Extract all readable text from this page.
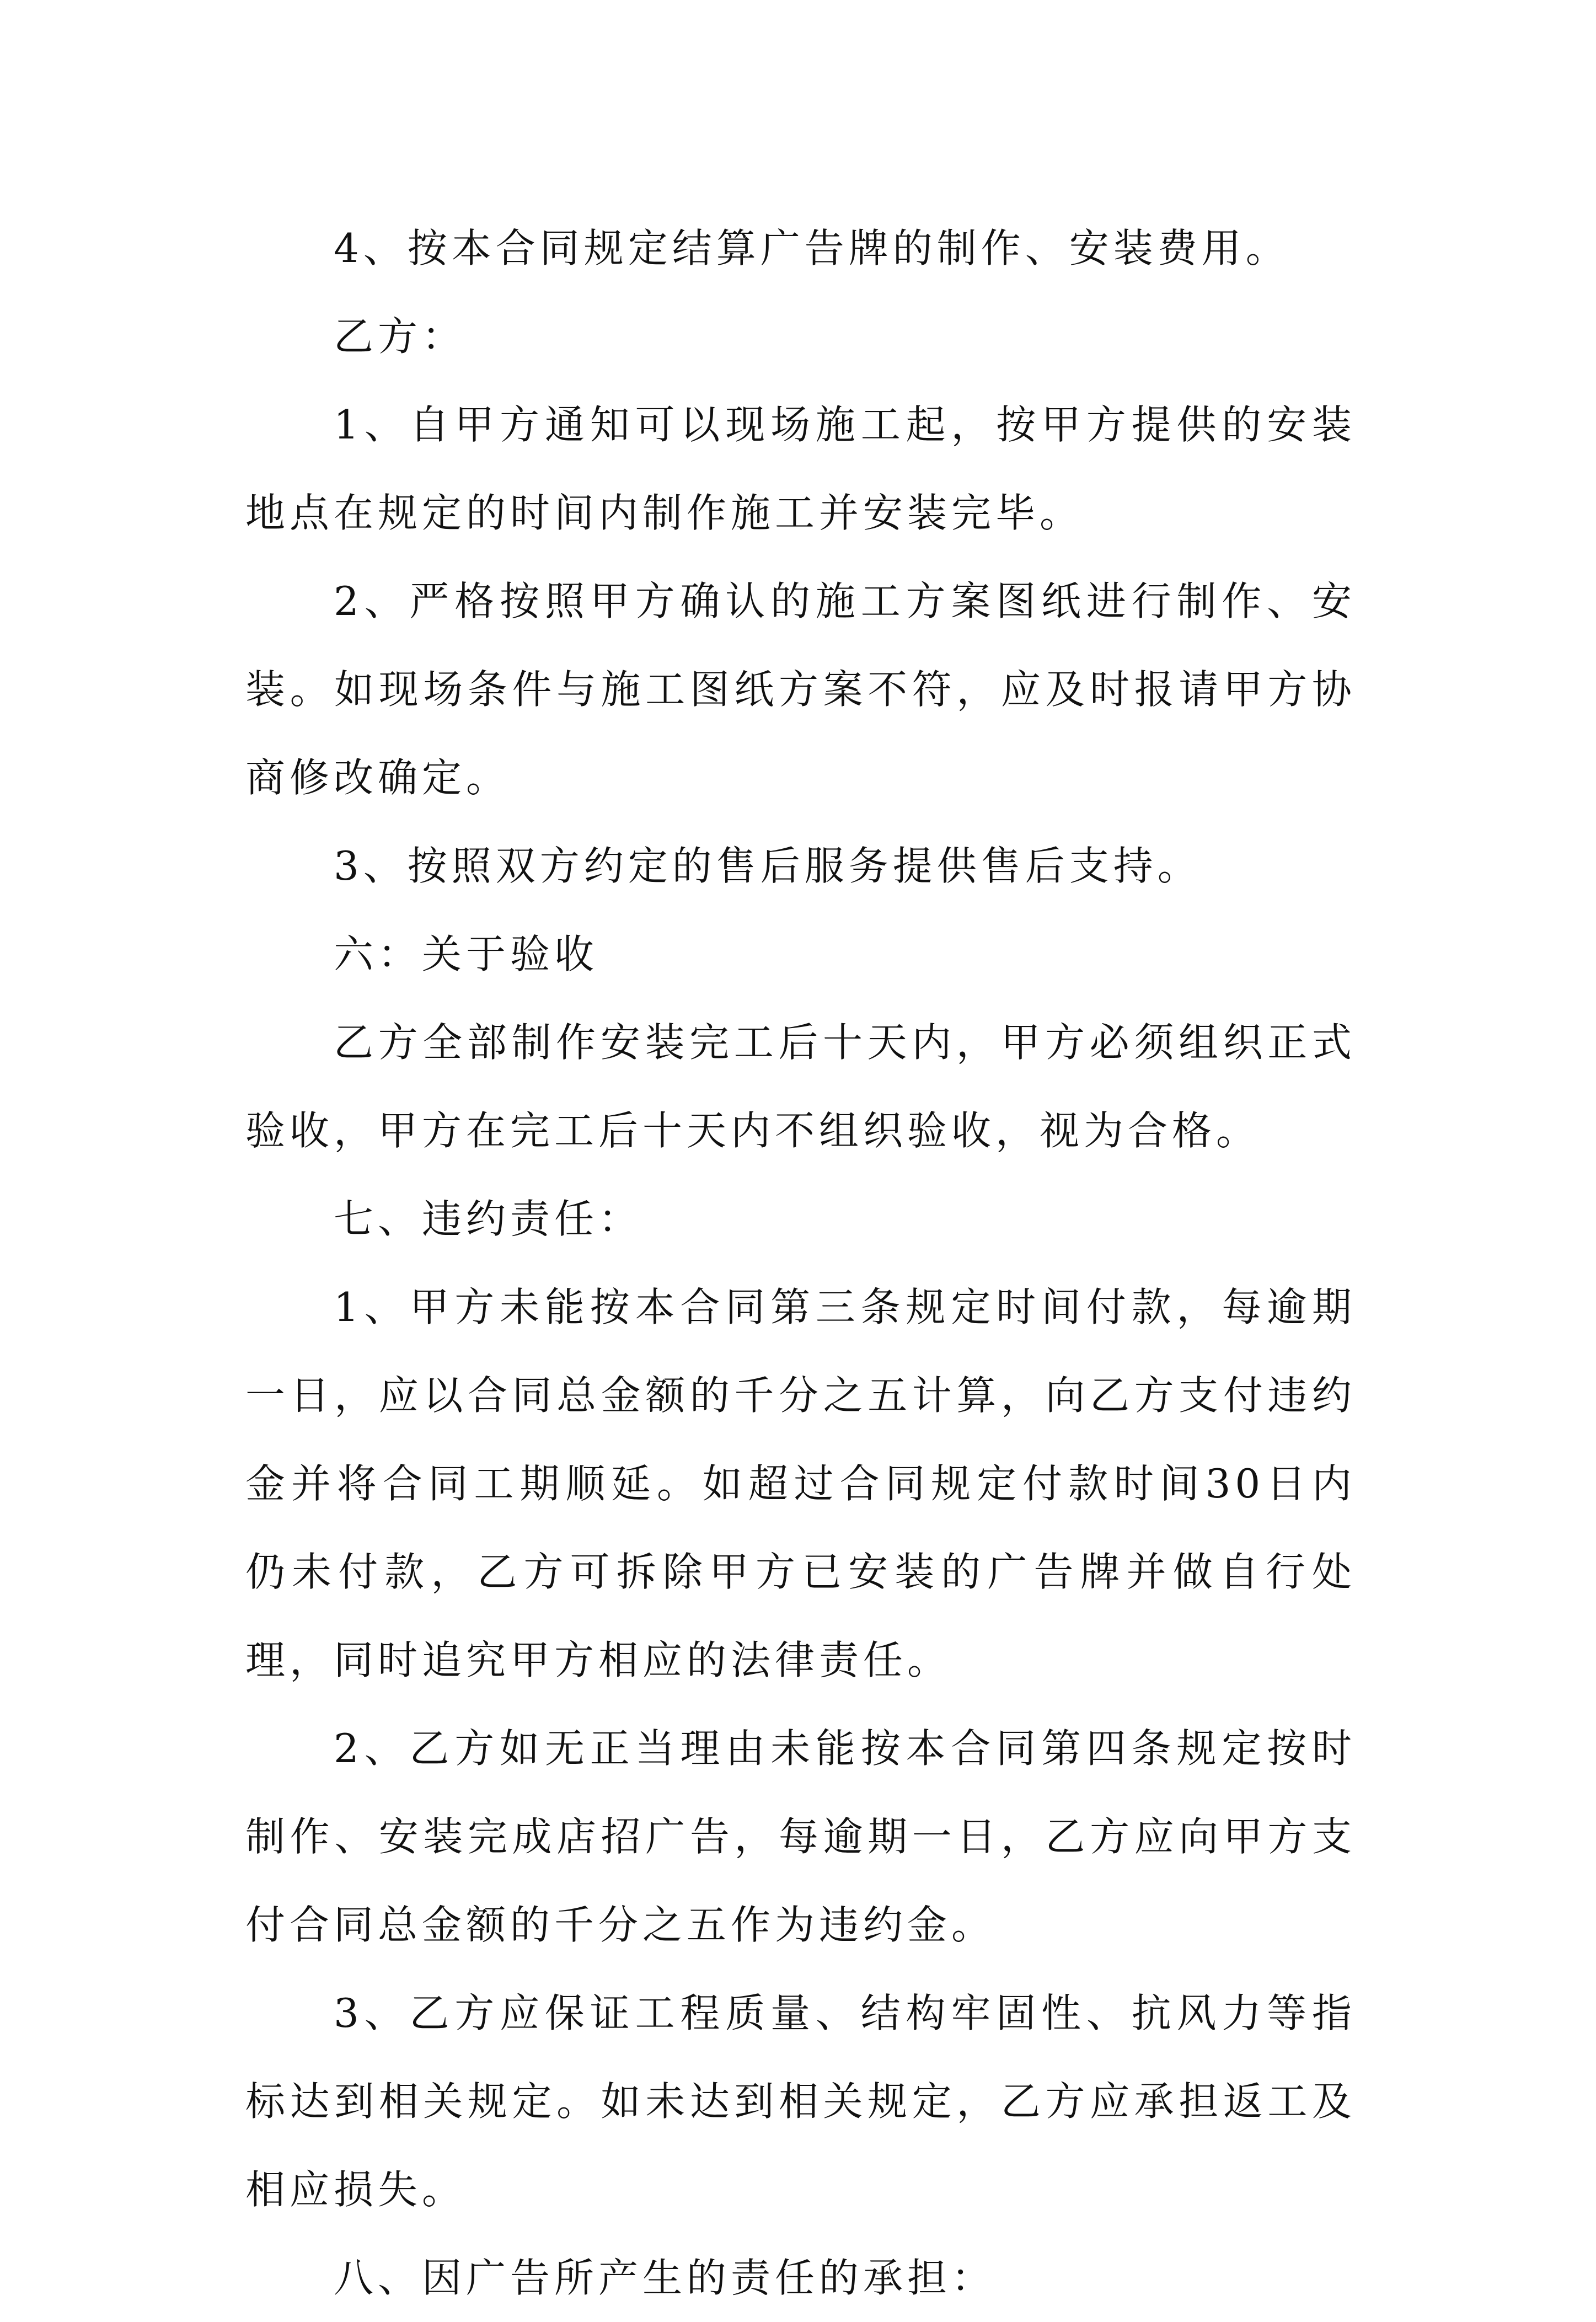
4、按本合同规定结算广告牌的制作、安装费用。

乙方：

1、自甲方通知可以现场施工起，按甲方提供的安装地点在规定的时间内制作施工并安装完毕。

2、严格按照甲方确认的施工方案图纸进行制作、安装。如现场条件与施工图纸方案不符，应及时报请甲方协商修改确定。

3、按照双方约定的售后服务提供售后支持。

六：关于验收

乙方全部制作安装完工后十天内，甲方必须组织正式验收，甲方在完工后十天内不组织验收，视为合格。

七、违约责任：

1、甲方未能按本合同第三条规定时间付款，每逾期一日，应以合同总金额的千分之五计算，向乙方支付违约金并将合同工期顺延。如超过合同规定付款时间30日内仍未付款，乙方可拆除甲方已安装的广告牌并做自行处理，同时追究甲方相应的法律责任。

2、乙方如无正当理由未能按本合同第四条规定按时制作、安装完成店招广告，每逾期一日，乙方应向甲方支付合同总金额的千分之五作为违约金。

3、乙方应保证工程质量、结构牢固性、抗风力等指标达到相关规定。如未达到相关规定，乙方应承担返工及相应损失。

八、因广告所产生的责任的承担：
